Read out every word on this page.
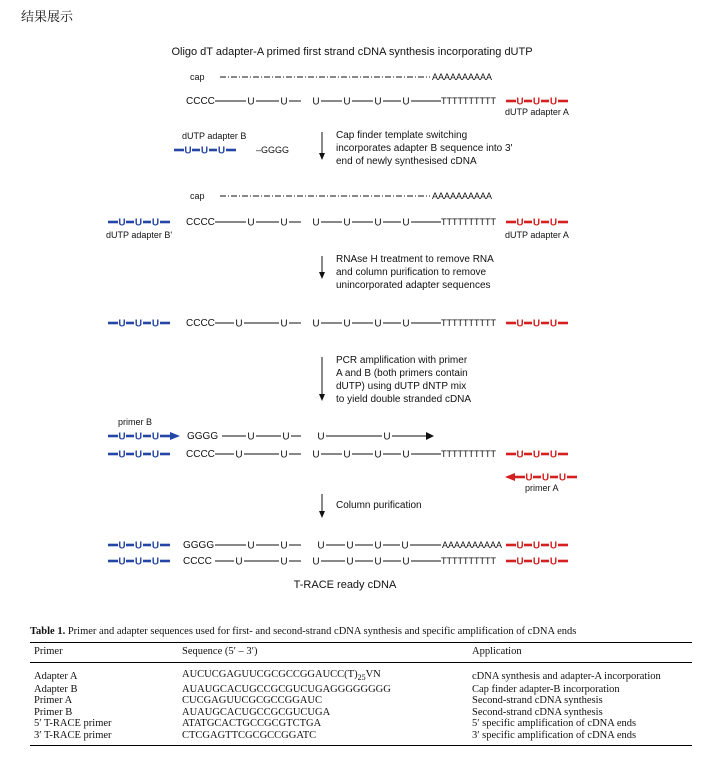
结果展示
Oligo dT adapter-A primed first strand cDNA synthesis incorporating dUTP
cap	AAAAAAAAAA
CCCC	U	U U U U U	TTTTTTTTTT U U U
dUTP adapter A
dUTP adapter B
U U U	–GGGG
Cap finder template switching
incorporates adapter B sequence into 3'
end of newly synthesised cDNA
cap	AAAAAAAAAA
U U U	CCCC	U	U U U U U	TTTTTTTTTT U U U
dUTP adapter B'	dUTP adapter A
RNAse H treatment to remove RNA
and column purification to remove
unincorporated adapter sequences
U U U	CCCC U	U U U U U	TTTTTTTTTT U U U
PCR amplification with primer
A and B (both primers contain
dUTP) using dUTP dNTP mix
to yield double stranded cDNA
primer B
U U U	GGGG	U	U	U	U
U U U	CCCC U	U U U U U	TTTTTTTTTT U U U
U U U
primer A
Column purification
U U U GGGG	U	U	U U U U	AAAAAAAAAA U U U
U U U CCCC U	U U	U U U	TTTTTTTTTT U U U
T-RACE ready cDNA
Table 1. Primer and adapter sequences used for first- and second-strand cDNA synthesis and specific amplification of cDNA ends
Primer	Sequence (5′ – 3′)	Application
Adapter A	$AUCUCGAGUUCGCGCCGGAUCC(T)_{25}VN$	cDNA synthesis and adapter-A incorporation
Adapter B	AUAUGCACUGCCGCGUCUGAGGGGGGGG	Cap finder adapter-B incorporation
Primer A	CUCGAGUUCGCGCCGGAUC	Second-strand cDNA synthesis
Primer B	AUAUGCACUGCCGCGUCUGA	Second-strand cDNA synthesis
5′ T-RACE primer	ATATGCACTGCCGCGTCTGA	5′ specific amplification of cDNA ends
3′ T-RACE primer	CTCGAGTTCGCGCCGGATC	3′ specific amplification of cDNA ends
